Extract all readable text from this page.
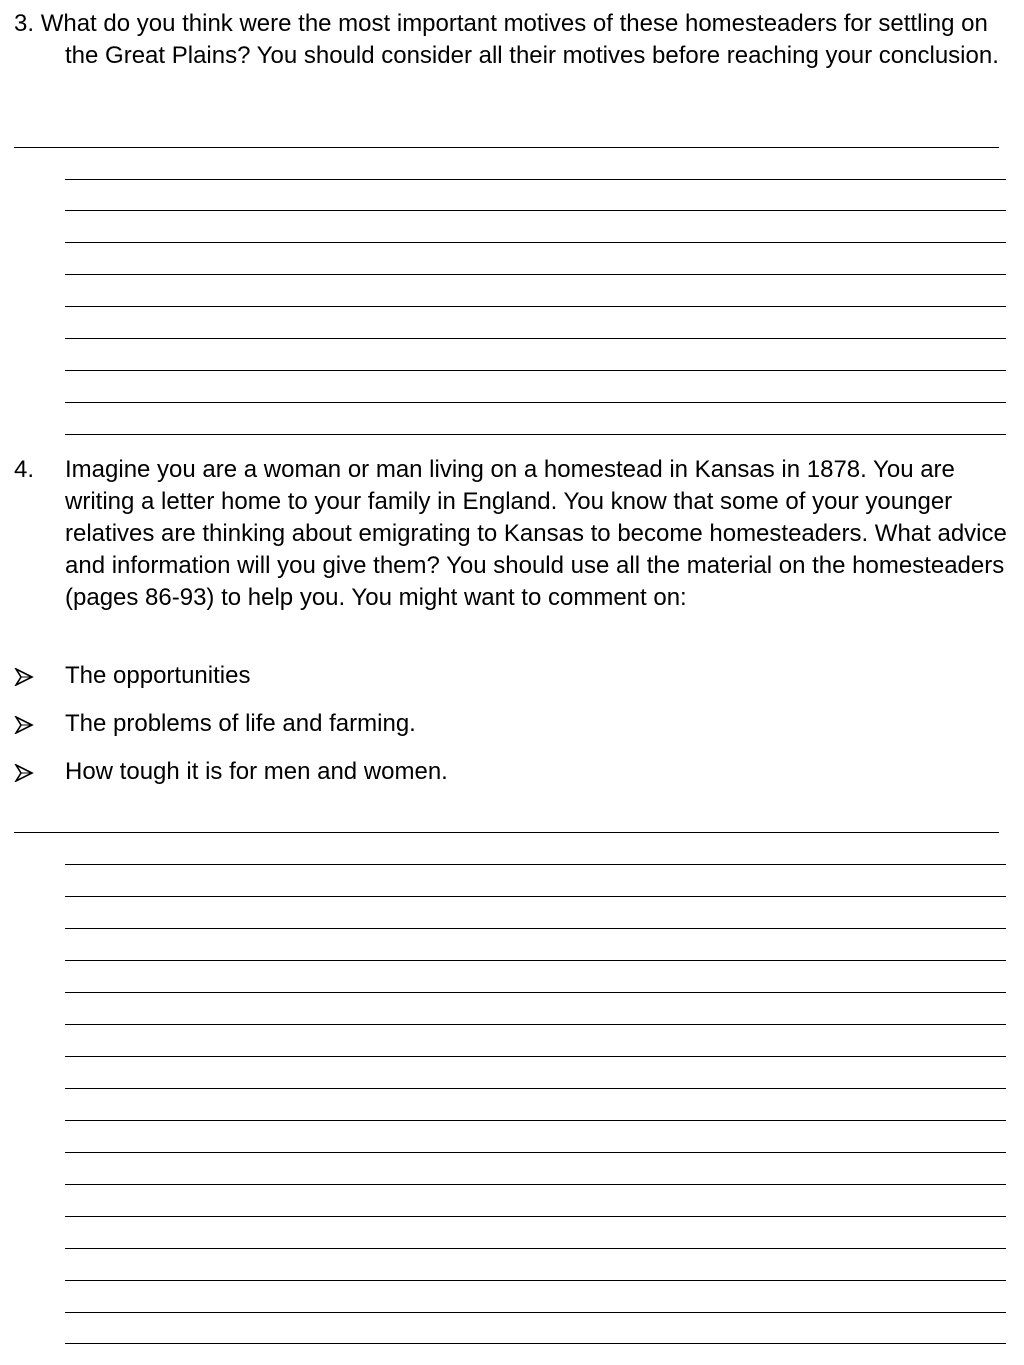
3. What do you think were the most important motives of these homesteaders for settling on the Great Plains? You should consider all their motives before reaching your conclusion.

4. Imagine you are a woman or man living on a homestead in Kansas in 1878. You are writing a letter home to your family in England. You know that some of your younger relatives are thinking about emigrating to Kansas to become homesteaders. What advice and information will you give them? You should use all the material on the homesteaders (pages 86-93) to help you. You might want to comment on:
The opportunities
The problems of life and farming.
How tough it is for men and women.
